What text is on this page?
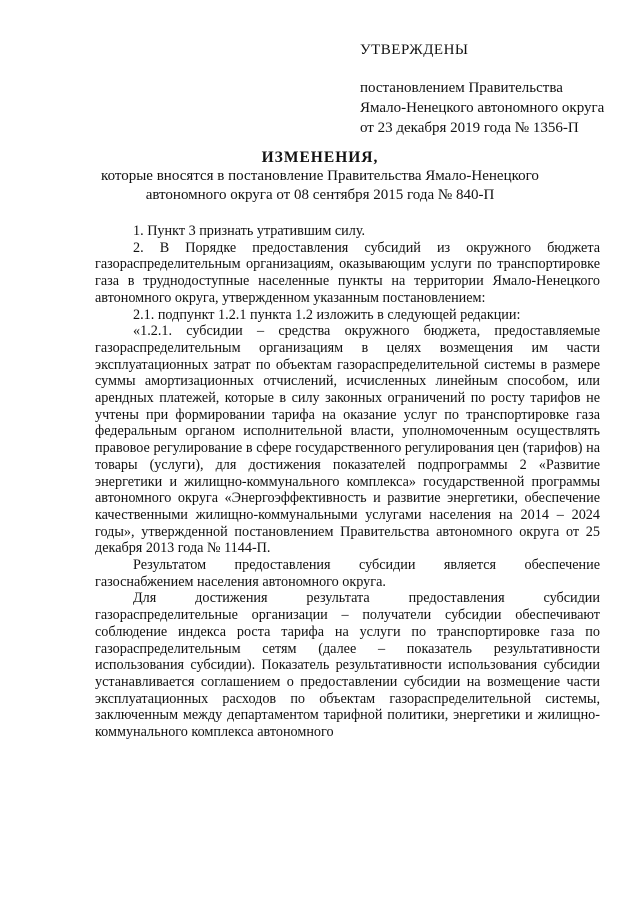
УТВЕРЖДЕНЫ
постановлением Правительства
Ямало-Ненецкого автономного округа
от 23 декабря 2019 года № 1356-П
ИЗМЕНЕНИЯ,
которые вносятся в постановление Правительства Ямало-Ненецкого
автономного округа от 08 сентября 2015 года № 840-П

1. Пункт 3 признать утратившим силу.

2. В Порядке предоставления субсидий из окружного бюджета газораспределительным организациям, оказывающим услуги по транспортировке газа в труднодоступные населенные пункты на территории Ямало-Ненецкого автономного округа, утвержденном указанным постановлением:

2.1. подпункт 1.2.1 пункта 1.2 изложить в следующей редакции:

«1.2.1. субсидии – средства окружного бюджета, предоставляемые газораспределительным организациям в целях возмещения им части эксплуатационных затрат по объектам газораспределительной системы в размере суммы амортизационных отчислений, исчисленных линейным способом, или арендных платежей, которые в силу законных ограничений по росту тарифов не учтены при формировании тарифа на оказание услуг по транспортировке газа федеральным органом исполнительной власти, уполномоченным осуществлять правовое регулирование в сфере государственного регулирования цен (тарифов) на товары (услуги), для достижения показателей подпрограммы 2 «Развитие энергетики и жилищно-коммунального комплекса» государственной программы автономного округа «Энергоэффективность и развитие энергетики, обеспечение качественными жилищно-коммунальными услугами населения на 2014 – 2024 годы», утвержденной постановлением Правительства автономного округа от 25 декабря 2013 года № 1144-П.

Результатом предоставления субсидии является обеспечение газоснабжением населения автономного округа.

Для достижения результата предоставления субсидии газораспределительные организации – получатели субсидии обеспечивают соблюдение индекса роста тарифа на услуги по транспортировке газа по газораспределительным сетям (далее – показатель результативности использования субсидии). Показатель результативности использования субсидии устанавливается соглашением о предоставлении субсидии на возмещение части эксплуатационных расходов по объектам газораспределительной системы, заключенным между департаментом тарифной политики, энергетики и жилищно-коммунального комплекса автономного
